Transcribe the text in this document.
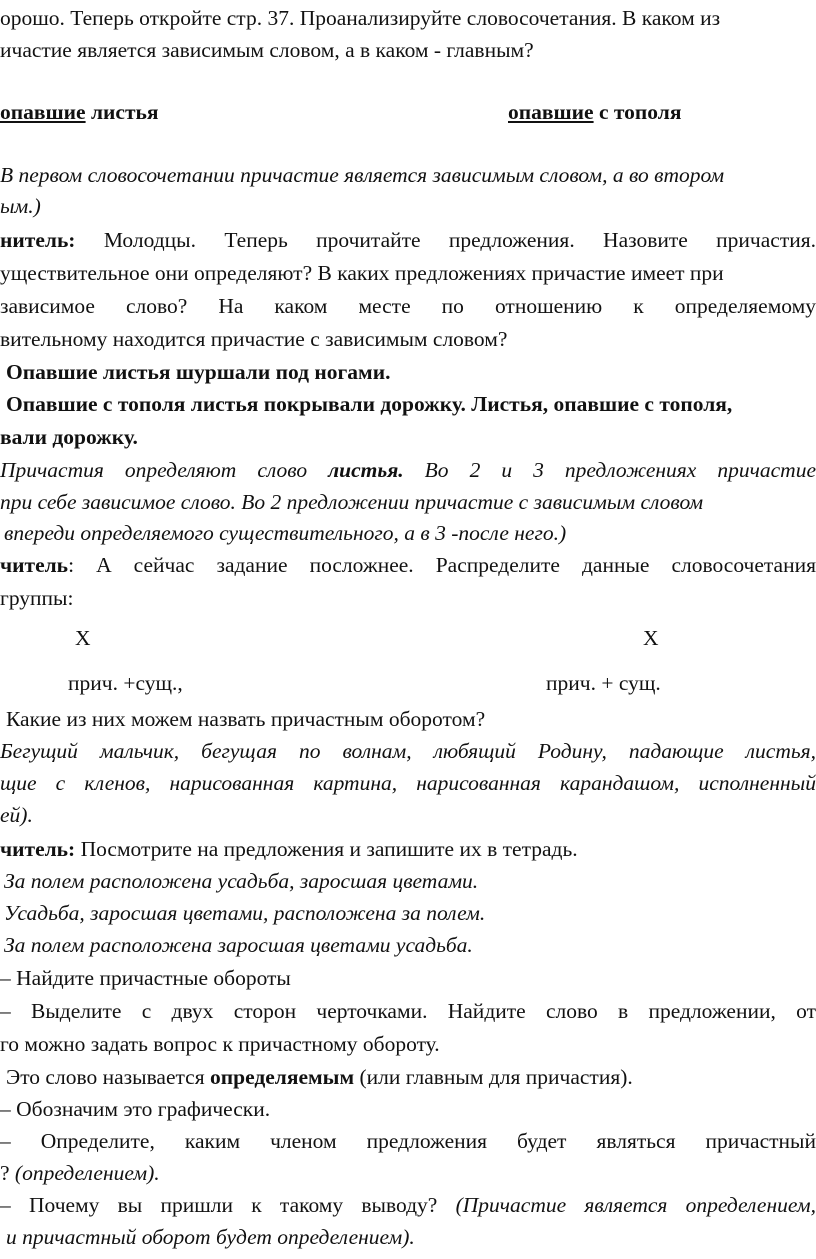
орошо. Теперь откройте стр. 37. Проанализируйте словосочетания. В каком из
ичастие является зависимым словом, а в каком - главным?
опавшие листья	опавшие с тополя
В первом словосочетании причастие является зависимым словом, а во втором
ым.)
нитель: Молодцы. Теперь прочитайте предложения. Назовите причастия.
уществительное они определяют? В каких предложениях причастие имеет при
зависимое слово? На каком месте по отношению к определяемому
вительному находится причастие с зависимым словом?
Опавшие листья шуршали под ногами.
Опавшие с тополя листья покрывали дорожку. Листья, опавшие с тополя,
вали дорожку.
Причастия определяют слово листья. Во 2 и 3 предложениях причастие
при себе зависимое слово. Во 2 предложении причастие с зависимым словом
впереди определяемого существительного, а в 3 -после него.)
читель: А сейчас задание посложнее. Распределите данные словосочетания
группы:
Х	Х
прич. +сущ.,	прич. + сущ.
Какие из них можем назвать причастным оборотом?
Бегущий мальчик, бегущая по волнам, любящий Родину, падающие листья,
щие с кленов, нарисованная картина, нарисованная карандашом, исполненный
ей).
читель: Посмотрите на предложения и запишите их в тетрадь.
За полем расположена усадьба, заросшая цветами.
Усадьба, заросшая цветами, расположена за полем.
За полем расположена заросшая цветами усадьба.
– Найдите причастные обороты
– Выделите с двух сторон черточками. Найдите слово в предложении, от
го можно задать вопрос к причастному обороту.
Это слово называется определяемым (или главным для причастия).
– Обозначим это графически.
– Определите, каким членом предложения будет являться причастный
? (определением).
– Почему вы пришли к такому выводу? (Причастие является определением,
и причастный оборот будет определением).
